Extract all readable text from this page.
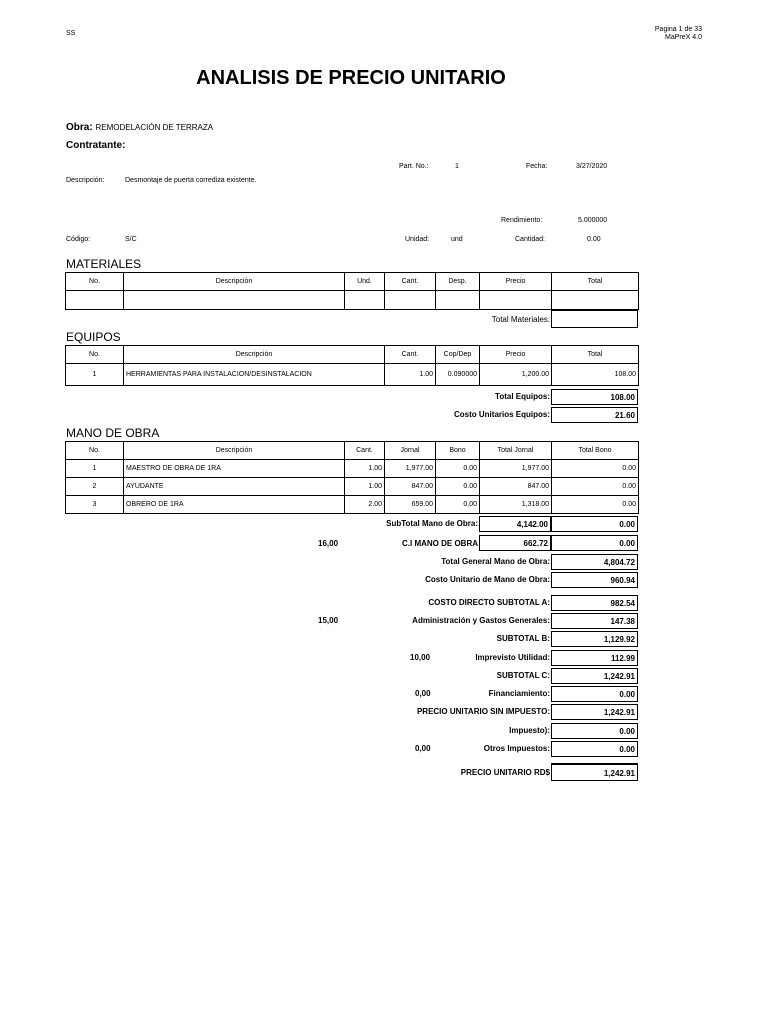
SS
Pagina 1 de 33
MaPreX 4.0
ANALISIS DE PRECIO UNITARIO
Obra: REMODELACIÓN DE TERRAZA
Contratante:
Part. No.:	1	Fecha:	3/27/2020
Descripción:	Desmontaje de puerta corrediza existente.
Rendimiento:	5.000000
Código:	S/C	Unidad:	und	Cantidad:	0.00
MATERIALES
No.	Descripción	Und.	Cant.	Desp.	Precio	Total

Total Materiales:
EQUIPOS
No.	Descripción	Cant.	Cop/Dep	Precio	Total
1	HERRAMIENTAS PARA INSTALACION/DESINSTALACION	1.00	0.090000	1,200.00	108.00
Total Equipos:	108.00
Costo Unitarios Equipos:	21.60
MANO DE OBRA
No.	Descripción	Cant.	Jornal	Bono	Total Jornal	Total Bono
1	MAESTRO DE OBRA DE 1RA	1.00	1,977.00	0.00	1,977.00	0.00
2	AYUDANTE	1.00	847.00	0.00	847.00	0.00
3	OBRERO DE 1RA	2.00	659.00	0.00	1,318.00	0.00
SubTotal Mano de Obra:	4,142.00	0.00
16,00	C.I MANO DE OBRA	662.72	0.00
Total General Mano de Obra:	4,804.72
Costo Unitario de Mano de Obra:	960.94
COSTO DIRECTO SUBTOTAL A:	982.54
15,00	Administración y Gastos Generales:	147.38
SUBTOTAL B:	1,129.92
10,00	Imprevisto Utilidad:	112.99
SUBTOTAL C:	1,242.91
0,00	Financiamiento:	0.00
PRECIO UNITARIO SIN IMPUESTO:	1,242.91
Impuesto):	0.00
0,00	Otros Impuestos:	0.00
PRECIO UNITARIO RD$	1,242.91
